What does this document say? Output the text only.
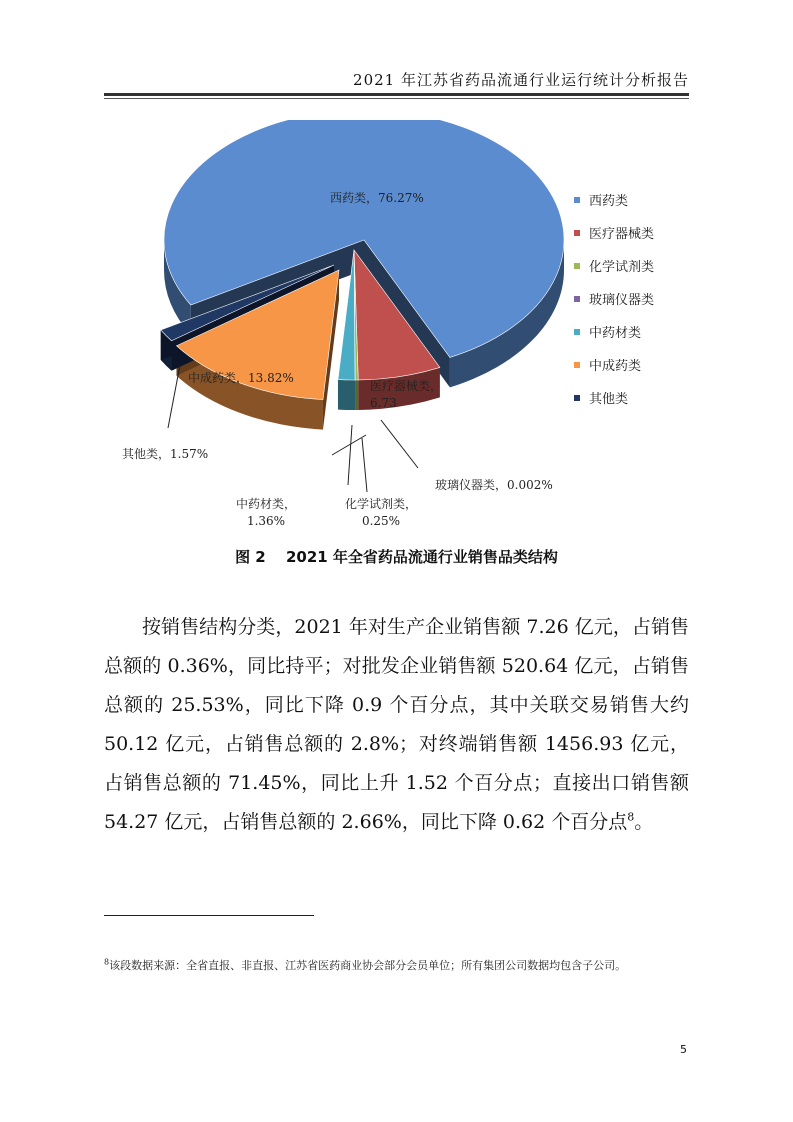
2021 年江苏省药品流通行业运行统计分析报告
西药类
医疗器械类
化学试剂类
玻璃仪器类
中药材类
中成药类
其他类
西药类，76.27%
医疗器械类，
6.73
化学试剂类，
0.25%
玻璃仪器类，0.002%
中药材类，
1.36%
中成药类，13.82%
其他类，1.57%
图 2　 2021 年全省药品流通行业销售品类结构
按销售结构分类，2021 年对生产企业销售额 7.26 亿元，占销售总额的 0.36%，同比持平；对批发企业销售额 520.64 亿元，占销售总额的 25.53%，同比下降 0.9 个百分点，其中关联交易销售大约 50.12 亿元，占销售总额的 2.8%；对终端销售额 1456.93 亿元，占销售总额的 71.45%，同比上升 1.52 个百分点；直接出口销售额 54.27 亿元，占销售总额的 2.66%，同比下降 0.62 个百分点$^8$。
$^8$该段数据来源：全省直报、非直报、江苏省医药商业协会部分会员单位；所有集团公司数据均包含子公司。
5
